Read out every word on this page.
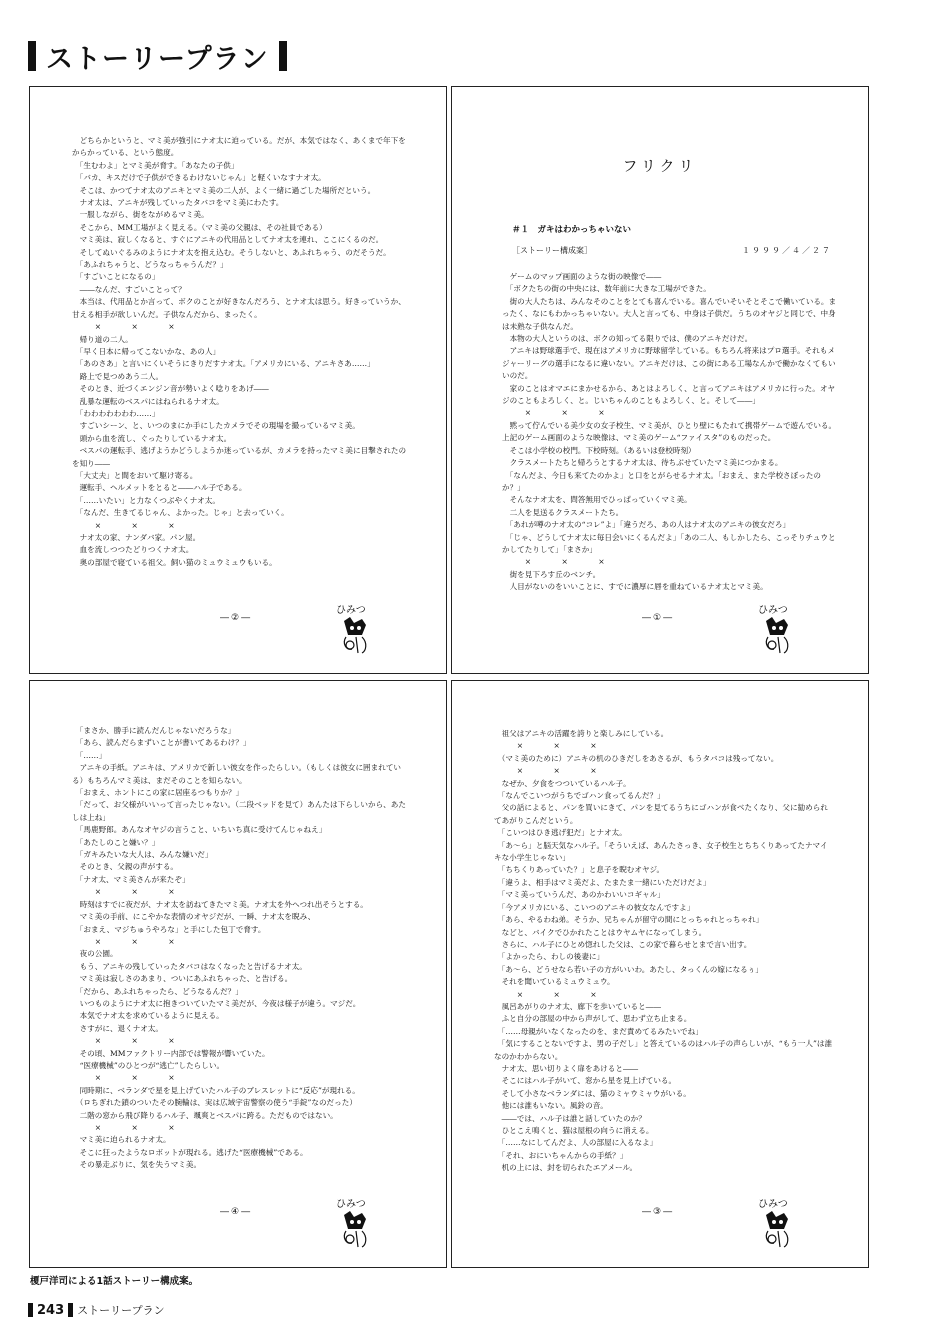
ストーリープラン
　どちらかというと、マミ美が強引にナオ太に迫っている。だが、本気ではなく、あくまで年下をからかっている、という態度。
　「生むわよ」とマミ美が脅す。「あなたの子供」
　「バカ、キスだけで子供ができるわけないじゃん」と軽くいなすナオ太。
　そこは、かつてナオ太のアニキとマミ美の二人が、よく一緒に過ごした場所だという。
　ナオ太は、アニキが残していったタバコをマミ美にわたす。
　一服しながら、街をながめるマミ美。
　そこから、MM工場がよく見える。（マミ美の父親は、その社員である）
　マミ美は、寂しくなると、すぐにアニキの代用品としてナオ太を連れ、ここにくるのだ。
　そしてぬいぐるみのようにナオ太を抱え込む。そうしないと、あふれちゃう、のだそうだ。
　「あふれちゃうと、どうなっちゃうんだ？」
　「すごいことになるの」
　――なんだ、すごいことって？
　本当は、代用品とか言って、ボクのことが好きなんだろう、とナオ太は思う。好きっていうか、甘える相手が欲しいんだ。子供なんだから、まったく。
　　　×　　　　×　　　　×
　帰り道の二人。
　「早く日本に帰ってこないかな、あの人」
　「あのさあ」と言いにくいそうにきりだすナオ太。「アメリカにいる、アニキさあ……」
　路上で見つめあう二人。
　そのとき、近づくエンジン音が勢いよく唸りをあげ――
　乱暴な運転のベスパにはねられるナオ太。
　「わわわわわわわ……」
　すごいシーン、と、いつのまにか手にしたカメラでその現場を撮っているマミ美。
　頭から血を流し、ぐったりしているナオ太。
　ベスパの運転手、逃げようかどうしようか迷っているが、カメラを持ったマミ美に目撃されたのを知り――
　「大丈夫」と間をおいて駆け寄る。
　運転手、ヘルメットをとると――ハル子である。
　「……いたい」と力なくつぶやくナオ太。
　「なんだ、生きてるじゃん、よかった。じゃ」と去っていく。
　　　×　　　　×　　　　×
　ナオ太の家、ナンダバ家。パン屋。
　血を流しつつたどりつくナオ太。
　奥の部屋で寝ている祖父。飼い猫のミュウミュウもいる。
―②―
ひみつ
フリクリ
＃１　ガキはわかっちゃいない
［ストーリー構成案］	１９９９／４／２７
　ゲームのマップ画面のような街の映像で――
　「ボクたちの街の中央には、数年前に大きな工場ができた。
　街の大人たちは、みんなそのことをとても喜んでいる。喜んでいそいそとそこで働いている。まったく、なにもわかっちゃいない。大人と言っても、中身は子供だ。うちのオヤジと同じで、中身は未熟な子供なんだ。
　本物の大人というのは、ボクの知ってる限りでは、僕のアニキだけだ。
　アニキは野球選手で、現在はアメリカに野球留学している。もちろん将来はプロ選手。それもメジャーリーグの選手になるに違いない。アニキだけは、この街にある工場なんかで働かなくてもいいのだ。
　家のことはオマエにまかせるから、あとはよろしく、と言ってアニキはアメリカに行った。オヤジのこともよろしく、と。じいちゃんのこともよろしく、と。そして――」
　　　×　　　　×　　　　×
　黙って佇んでいる美少女の女子校生、マミ美が、ひとり壁にもたれて携帯ゲームで遊んでいる。上記のゲーム画面のような映像は、マミ美のゲーム“ファイスタ”のものだった。
　そこは小学校の校門。下校時刻。（あるいは登校時刻）
　クラスメートたちと帰ろうとするナオ太は、待ちぶせていたマミ美につかまる。
　「なんだよ、今日も来てたのかよ」と口をとがらせるナオ太。「おまえ、また学校さぼったのか？」
　そんなナオ太を、問答無用でひっぱっていくマミ美。
　二人を見送るクラスメートたち。
　「あれが噂のナオ太の“コレ”よ」「違うだろ、あの人はナオ太のアニキの彼女だろ」
　「じゃ、どうしてナオ太に毎日会いにくるんだよ」「あの二人、もしかしたら、こっそりチュウとかしてたりして」「まさか」
　　　×　　　　×　　　　×
　街を見下ろす丘のベンチ。
　人目がないのをいいことに、すでに濃厚に唇を重ねているナオ太とマミ美。
―①―
ひみつ
　「まさか、勝手に読んだんじゃないだろうな」
　「あら、読んだらまずいことが書いてあるわけ？」
　「……」
　アニキの手紙。アニキは、アメリカで新しい彼女を作ったらしい。（もしくは彼女に囲まれている）もちろんマミ美は、まだそのことを知らない。
　「おまえ、ホントにこの家に居座るつもりか？」
　「だって、お父様がいいって言ったじゃない。（二段ベッドを見て）あんたは下らしいから、あたしは上ね」
　「馬鹿野郎。あんなオヤジの言うこと、いちいち真に受けてんじゃねえ」
　「あたしのこと嫌い？」
　「ガキみたいな大人は、みんな嫌いだ」
　そのとき、父親の声がする。
　「ナオ太、マミ美さんが来たぞ」
　　　×　　　　×　　　　×
　時刻はすでに夜だが、ナオ太を訪ねてきたマミ美。ナオ太を外へつれ出そうとする。
　マミ美の手前、にこやかな表情のオヤジだが、一瞬、ナオ太を睨み、
　「おまえ、マジちゅうやろな」と手にした包丁で脅す。
　　　×　　　　×　　　　×
　夜の公園。
　もう、アニキの残していったタバコはなくなったと告げるナオ太。
　マミ美は寂しさのあまり、ついにあふれちゃった、と告げる。
　「だから、あふれちゃったら、どうなるんだ？」
　いつものようにナオ太に抱きついていたマミ美だが、今夜は様子が違う。マジだ。
　本気でナオ太を求めているように見える。
　さすがに、退くナオ太。
　　　×　　　　×　　　　×
　その頃、MMファクトリー内部では警報が響いていた。
　“医療機械”のひとつが“逃亡”したらしい。
　　　×　　　　×　　　　×
　同時期に、ベランダで星を見上げていたハル子のブレスレットに“反応”が現れる。
　（ロちぎれた鎖のついたその腕輪は、実は広域宇宙警察の使う“手錠”なのだった）
　二階の窓から飛び降りるハル子、颯爽とベスパに跨る。ただものではない。
　　　×　　　　×　　　　×
　マミ美に迫られるナオ太。
　そこに狂ったようなロボットが現れる。逃げた“医療機械”である。
　その暴走ぶりに、気を失うマミ美。
―④―
ひみつ
　祖父はアニキの活躍を誇りと楽しみにしている。
　　　×　　　　×　　　　×
　（マミ美のために）アニキの机のひきだしをあさるが、もうタバコは残ってない。
　　　×　　　　×　　　　×
　なぜか、夕食をつついているハル子。
　「なんでこいつがうちでゴハン食ってるんだ？」
　父の話によると、パンを買いにきて、パンを見てるうちにゴハンが食べたくなり、父に勧められてあがりこんだという。
　「こいつはひき逃げ犯だ」とナオ太。
　「あ～ら」と脳天気なハル子。「そういえば、あんたさっき、女子校生とちちくりあってたナマイキな小学生じゃない」
　「ちちくりあっていた？」と息子を睨むオヤジ。
　「違うよ、相手はマミ美だよ、たまたま一緒にいただけだよ」
　「マミ美っていうんだ、あのかわいいコギャル」
　「今アメリカにいる、こいつのアニキの彼女なんですよ」
　「あら、やるわね弟。そうか、兄ちゃんが留守の間にとっちゃれとっちゃれ」
　などと、バイクでひかれたことはウヤムヤになってしまう。
　さらに、ハル子にひとめ惚れした父は、この家で暮らせとまで言い出す。
　「よかったら、わしの後妻に」
　「あ～ら、どうせなら若い子の方がいいわ。あたし、タっくんの嫁になるぅ」
　それを聞いているミュウミュウ。
　　　×　　　　×　　　　×
　風呂あがりのナオ太、廊下を歩いていると――
　ふと自分の部屋の中から声がして、思わず立ち止まる。
　「……母親がいなくなったのを、まだ責めてるみたいでね」
　「気にすることないですよ、男の子だし」と答えているのはハル子の声らしいが、“もう一人”は誰なのかわからない。
　ナオ太、思い切りよく扉をあけると――
　そこにはハル子がいて、窓から星を見上げている。
　そして小さなベランダには、猫のミャウミャウがいる。
　他には誰もいない。風鈴の音。
　――では、ハル子は誰と話していたのか？
　ひとこえ鳴くと、猫は屋根の向うに消える。
　「……なにしてんだよ、人の部屋に入るなよ」
　「それ、おにいちゃんからの手紙？」
　机の上には、封を切られたエアメール。
―③―
ひみつ
榎戸洋司による1話ストーリー構成案。
243 ストーリープラン
